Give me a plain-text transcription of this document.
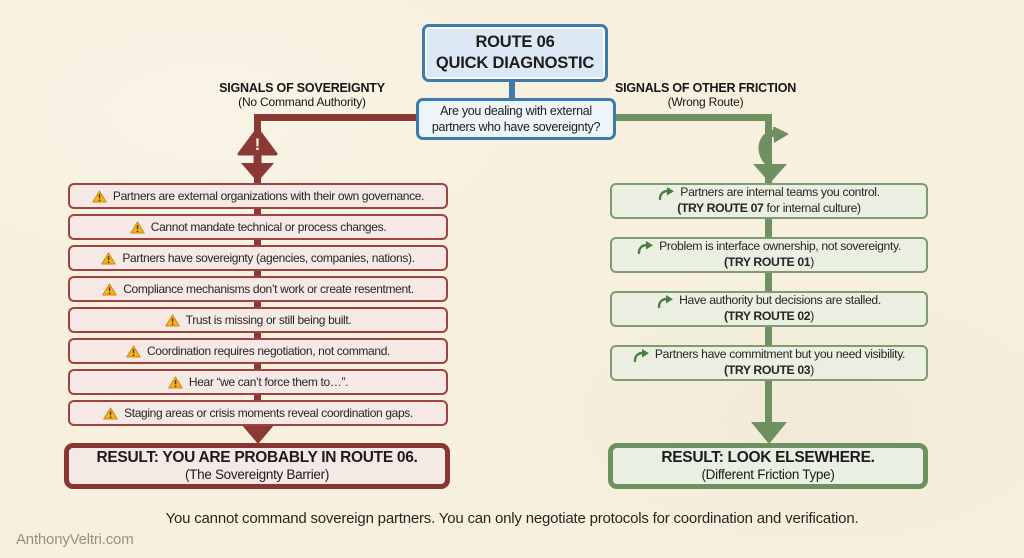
!
ROUTE 06
QUICK DIAGNOSTIC
Are you dealing with external
partners who have sovereignty?
SIGNALS OF SOVEREIGNTY
(No Command Authority)
SIGNALS OF OTHER FRICTION
(Wrong Route)
Partners are external organizations with their own governance.
Cannot mandate technical or process changes.
Partners have sovereignty (agencies, companies, nations).
Compliance mechanisms don’t work or create resentment.
Trust is missing or still being built.
Coordination requires negotiation, not command.
Hear “we can’t force them to…”.
Staging areas or crisis moments reveal coordination gaps.
Partners are internal teams you control.
(TRY ROUTE 07 for internal culture)
Problem is interface ownership, not sovereignty.
(TRY ROUTE 01)
Have authority but decisions are stalled.
(TRY ROUTE 02)
Partners have commitment but you need visibility.
(TRY ROUTE 03)
RESULT: YOU ARE PROBABLY IN ROUTE 06.
(The Sovereignty Barrier)
RESULT: LOOK ELSEWHERE.
(Different Friction Type)
You cannot command sovereign partners. You can only negotiate protocols for coordination and verification.
AnthonyVeltri.com
